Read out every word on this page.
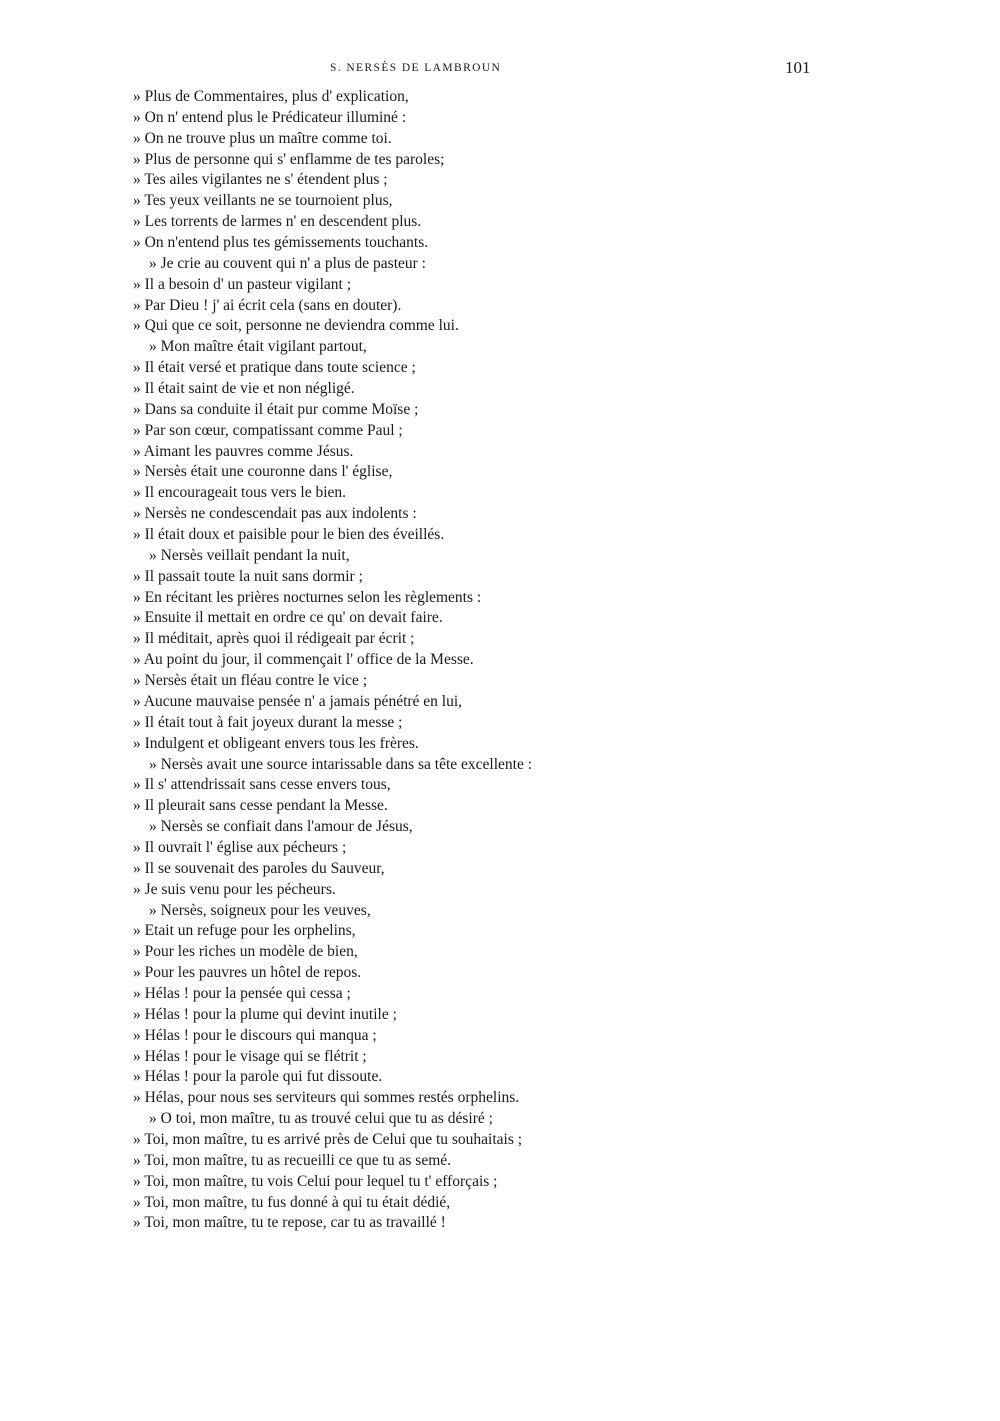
S. NERSÈS DE LAMBROUN	101
» Plus de Commentaires, plus d' explication,
» On n' entend plus le Prédicateur illuminé :
» On ne trouve plus un maître comme toi.
» Plus de personne qui s' enflamme de tes paroles;
» Tes ailes vigilantes ne s' étendent plus ;
» Tes yeux veillants ne se tournoient plus,
» Les torrents de larmes n' en descendent plus.
» On n'entend plus tes gémissements touchants.
» Je crie au couvent qui n' a plus de pasteur :
» Il a besoin d' un pasteur vigilant ;
» Par Dieu ! j' ai écrit cela (sans en douter).
» Qui que ce soit, personne ne deviendra comme lui.
» Mon maître était vigilant partout,
» Il était versé et pratique dans toute science ;
» Il était saint de vie et non négligé.
» Dans sa conduite il était pur comme Moïse ;
» Par son cœur, compatissant comme Paul ;
» Aimant les pauvres comme Jésus.
» Nersès était une couronne dans l' église,
» Il encourageait tous vers le bien.
» Nersès ne condescendait pas aux indolents :
» Il était doux et paisible pour le bien des éveillés.
» Nersès veillait pendant la nuit,
» Il passait toute la nuit sans dormir ;
» En récitant les prières nocturnes selon les règlements :
» Ensuite il mettait en ordre ce qu' on devait faire.
» Il méditait, après quoi il rédigeait par écrit ;
» Au point du jour, il commençait l' office de la Messe.
» Nersès était un fléau contre le vice ;
» Aucune mauvaise pensée n' a jamais pénétré en lui,
» Il était tout à fait joyeux durant la messe ;
» Indulgent et obligeant envers tous les frères.
» Nersès avait une source intarissable dans sa tête excellente :
» Il s' attendrissait sans cesse envers tous,
» Il pleurait sans cesse pendant la Messe.
» Nersès se confiait dans l'amour de Jésus,
» Il ouvrait l' église aux pécheurs ;
» Il se souvenait des paroles du Sauveur,
» Je suis venu pour les pécheurs.
» Nersès, soigneux pour les veuves,
» Etait un refuge pour les orphelins,
» Pour les riches un modèle de bien,
» Pour les pauvres un hôtel de repos.
» Hélas ! pour la pensée qui cessa ;
» Hélas ! pour la plume qui devint inutile ;
» Hélas ! pour le discours qui manqua ;
» Hélas ! pour le visage qui se flétrit ;
» Hélas ! pour la parole qui fut dissoute.
» Hélas, pour nous ses serviteurs qui sommes restés orphelins.
» O toi, mon maître, tu as trouvé celui que tu as désiré ;
» Toi, mon maître, tu es arrivé près de Celui que tu souhaitais ;
» Toi, mon maître, tu as recueilli ce que tu as semé.
» Toi, mon maître, tu vois Celui pour lequel tu t' efforçais ;
» Toi, mon maître, tu fus donné à qui tu était dédié,
» Toi, mon maître, tu te repose, car tu as travaillé !
